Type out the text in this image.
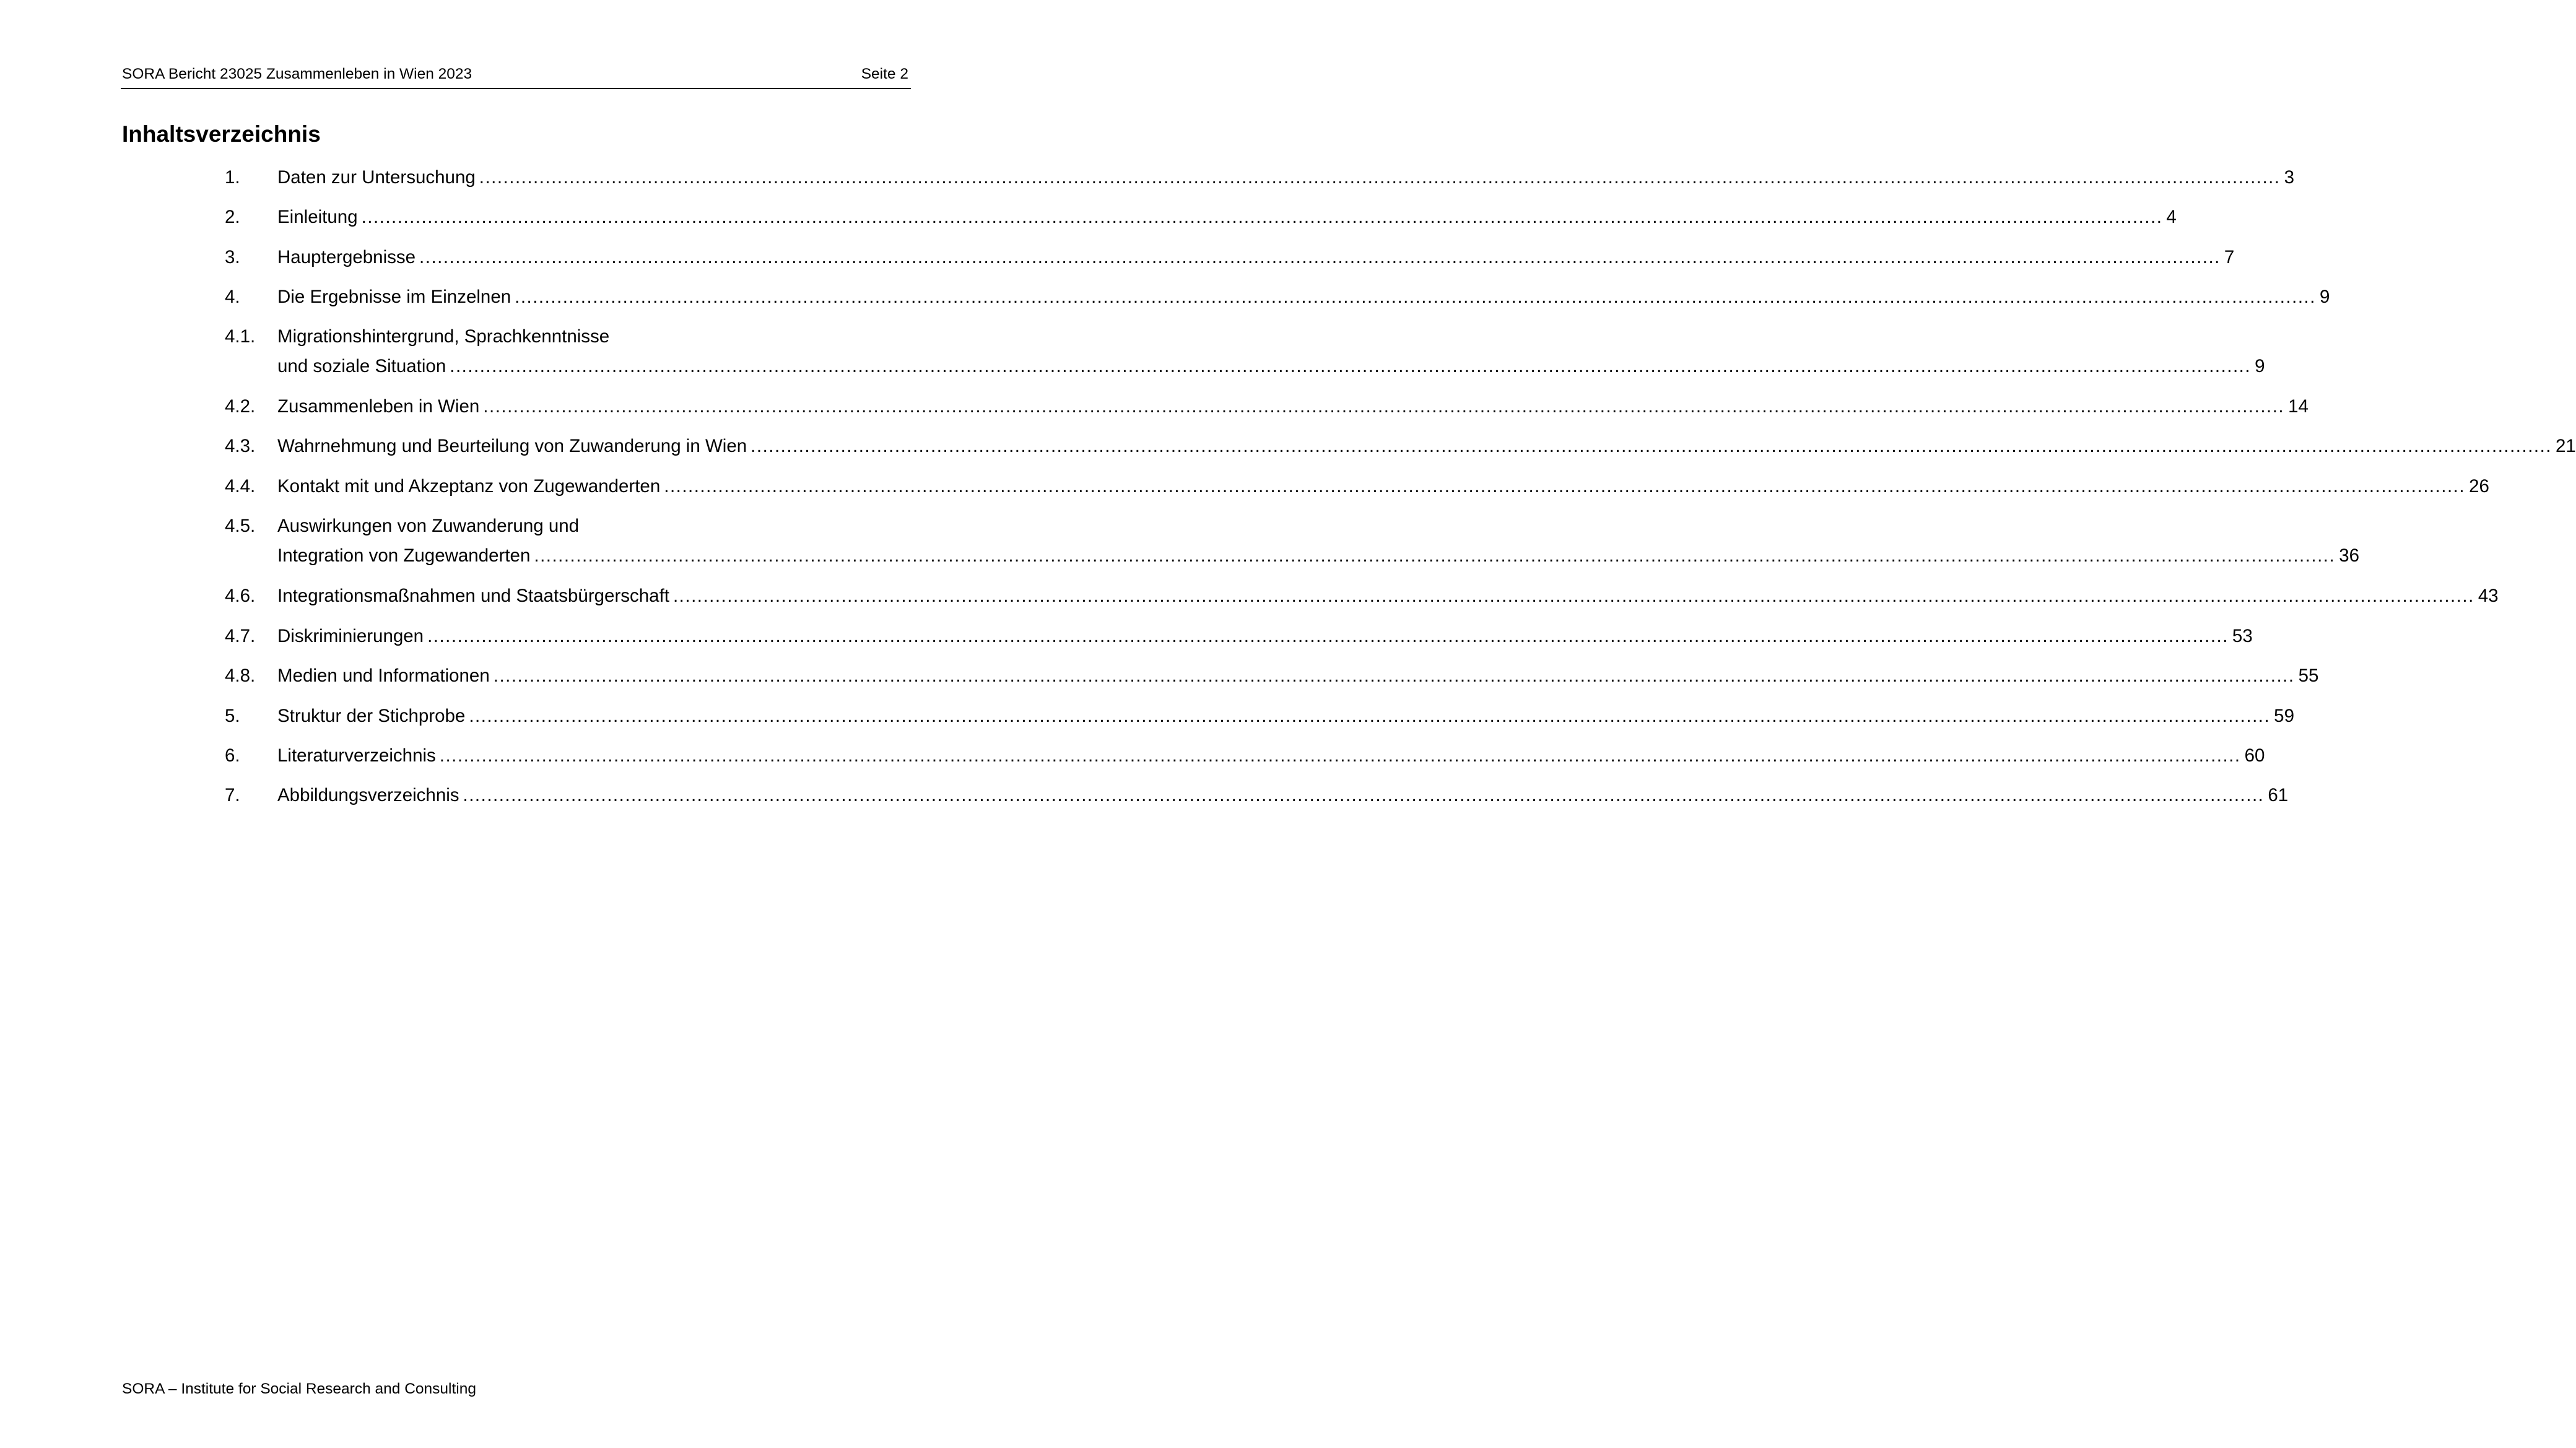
SORA Bericht 23025 Zusammenleben in Wien 2023	Seite 2
Inhaltsverzeichnis
1. Daten zur Untersuchung ............................................................................................................................................................................................................................................................................................................ 3
2. Einleitung ............................................................................................................................................................................................................................................................................................................ 4
3. Hauptergebnisse ............................................................................................................................................................................................................................................................................................................ 7
4. Die Ergebnisse im Einzelnen ............................................................................................................................................................................................................................................................................................................ 9
4.1. Migrationshintergrund, Sprachkenntnisse
und soziale Situation ............................................................................................................................................................................................................................................................................................................ 9
4.2. Zusammenleben in Wien ............................................................................................................................................................................................................................................................................................................ 14
4.3. Wahrnehmung und Beurteilung von Zuwanderung in Wien ............................................................................................................................................................................................................................................................................................................ 21
4.4. Kontakt mit und Akzeptanz von Zugewanderten ............................................................................................................................................................................................................................................................................................................ 26
4.5. Auswirkungen von Zuwanderung und
Integration von Zugewanderten ............................................................................................................................................................................................................................................................................................................ 36
4.6. Integrationsmaßnahmen und Staatsbürgerschaft ............................................................................................................................................................................................................................................................................................................ 43
4.7. Diskriminierungen ............................................................................................................................................................................................................................................................................................................ 53
4.8. Medien und Informationen ............................................................................................................................................................................................................................................................................................................ 55
5. Struktur der Stichprobe ............................................................................................................................................................................................................................................................................................................ 59
6. Literaturverzeichnis ............................................................................................................................................................................................................................................................................................................ 60
7. Abbildungsverzeichnis ............................................................................................................................................................................................................................................................................................................ 61
SORA – Institute for Social Research and Consulting
